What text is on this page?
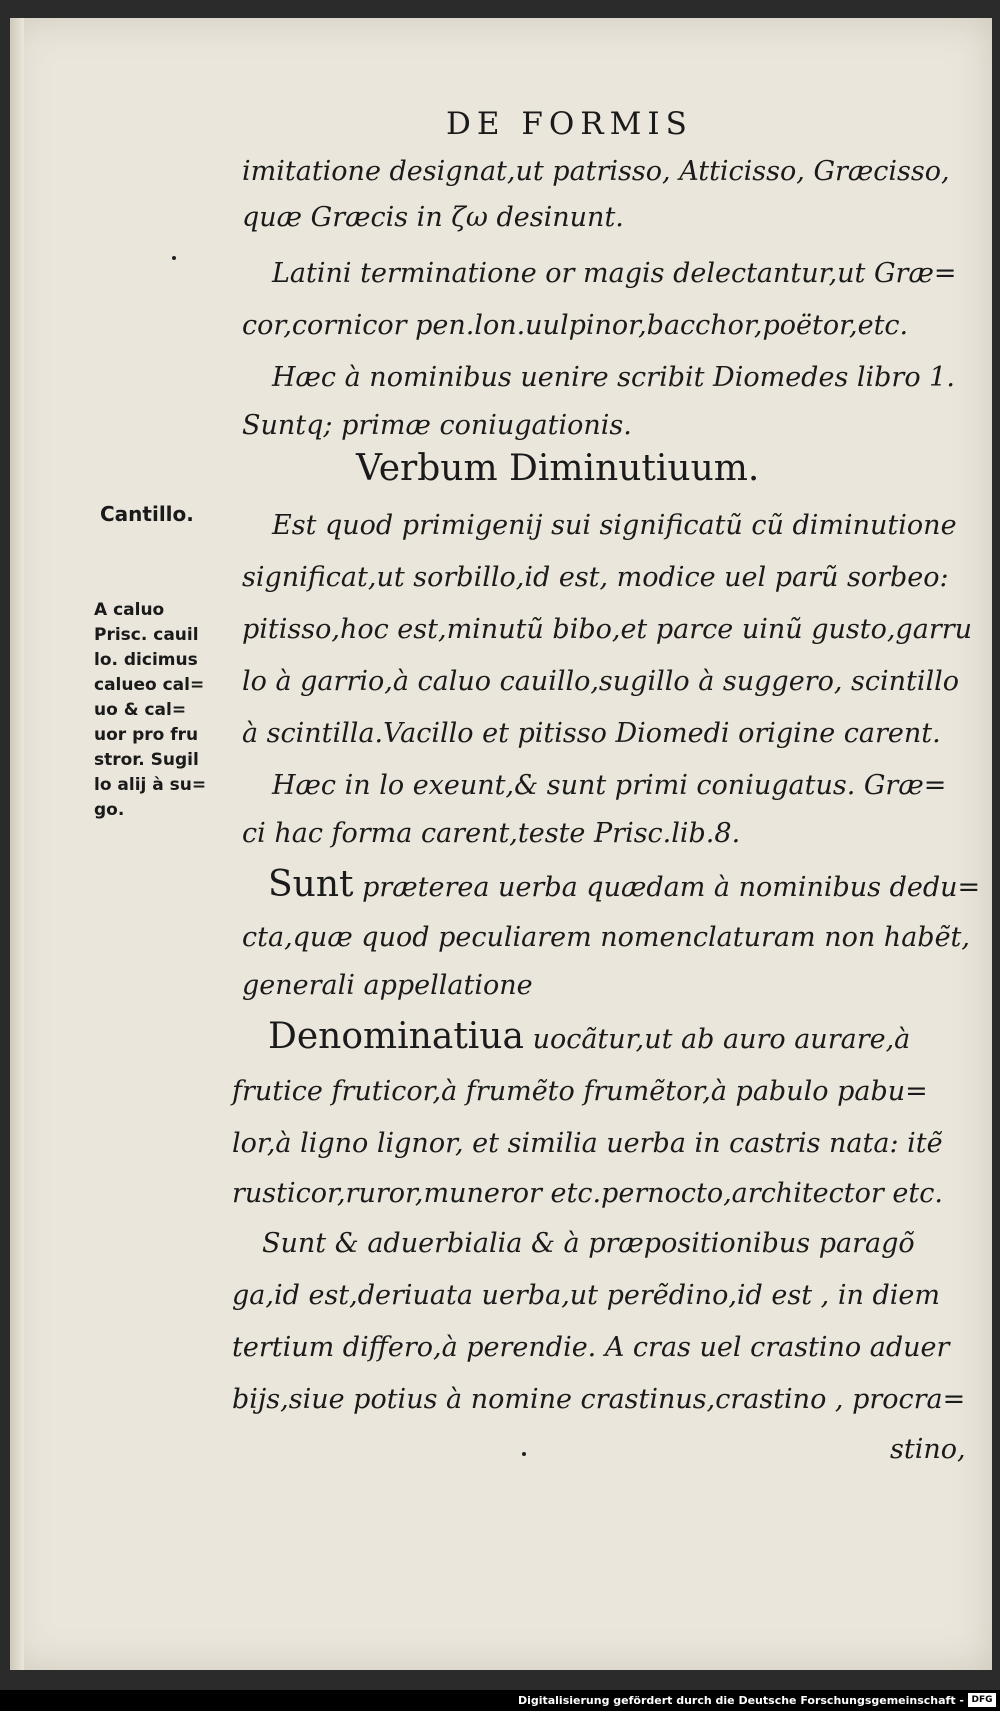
DE FORMIS
imitatione designat,ut patrisso, Atticisso, Græcisso,
quæ Græcis in ζω desinunt.
Latini terminatione or magis delectantur,ut Græ=
cor,cornicor pen.lon.uulpinor,bacchor,poëtor,etc.
Hæc à nominibus uenire scribit Diomedes libro 1.
Suntq; primæ coniugationis.
Verbum Diminutiuum.
Cantillo.
A caluo
Prisc. cauil
lo. dicimus
calueo cal=
uo & cal=
uor pro fru
stror. Sugil
lo alij à su=
go.
Est quod primigenij sui significatũ cũ diminutione
significat,ut sorbillo,id est, modice uel parũ sorbeo:
pitisso,hoc est,minutũ bibo,et parce uinũ gusto,garru
lo à garrio,à caluo cauillo,sugillo à suggero, scintillo
à scintilla.Vacillo et pitisso Diomedi origine carent.
Hæc in lo exeunt,& sunt primi coniugatus. Græ=
ci hac forma carent,teste Prisc.lib.8.
Sunt præterea uerba quædam à nominibus dedu=
cta,quæ quod peculiarem nomenclaturam non habẽt,
generali appellatione
Denominatiua uocãtur,ut ab auro aurare,à
frutice fruticor,à frumẽto frumẽtor,à pabulo pabu=
lor,à ligno lignor, et similia uerba in castris nata: itẽ
rusticor,ruror,muneror etc.pernocto,architector etc.
Sunt & aduerbialia & à præpositionibus paragõ
ga,id est,deriuata uerba,ut perẽdino,id est , in diem
tertium differo,à perendie. A cras uel crastino aduer
bijs,siue potius à nomine crastinus,crastino , procra=
stino,
Digitalisierung gefördert durch die Deutsche Forschungsgemeinschaft - DFG
